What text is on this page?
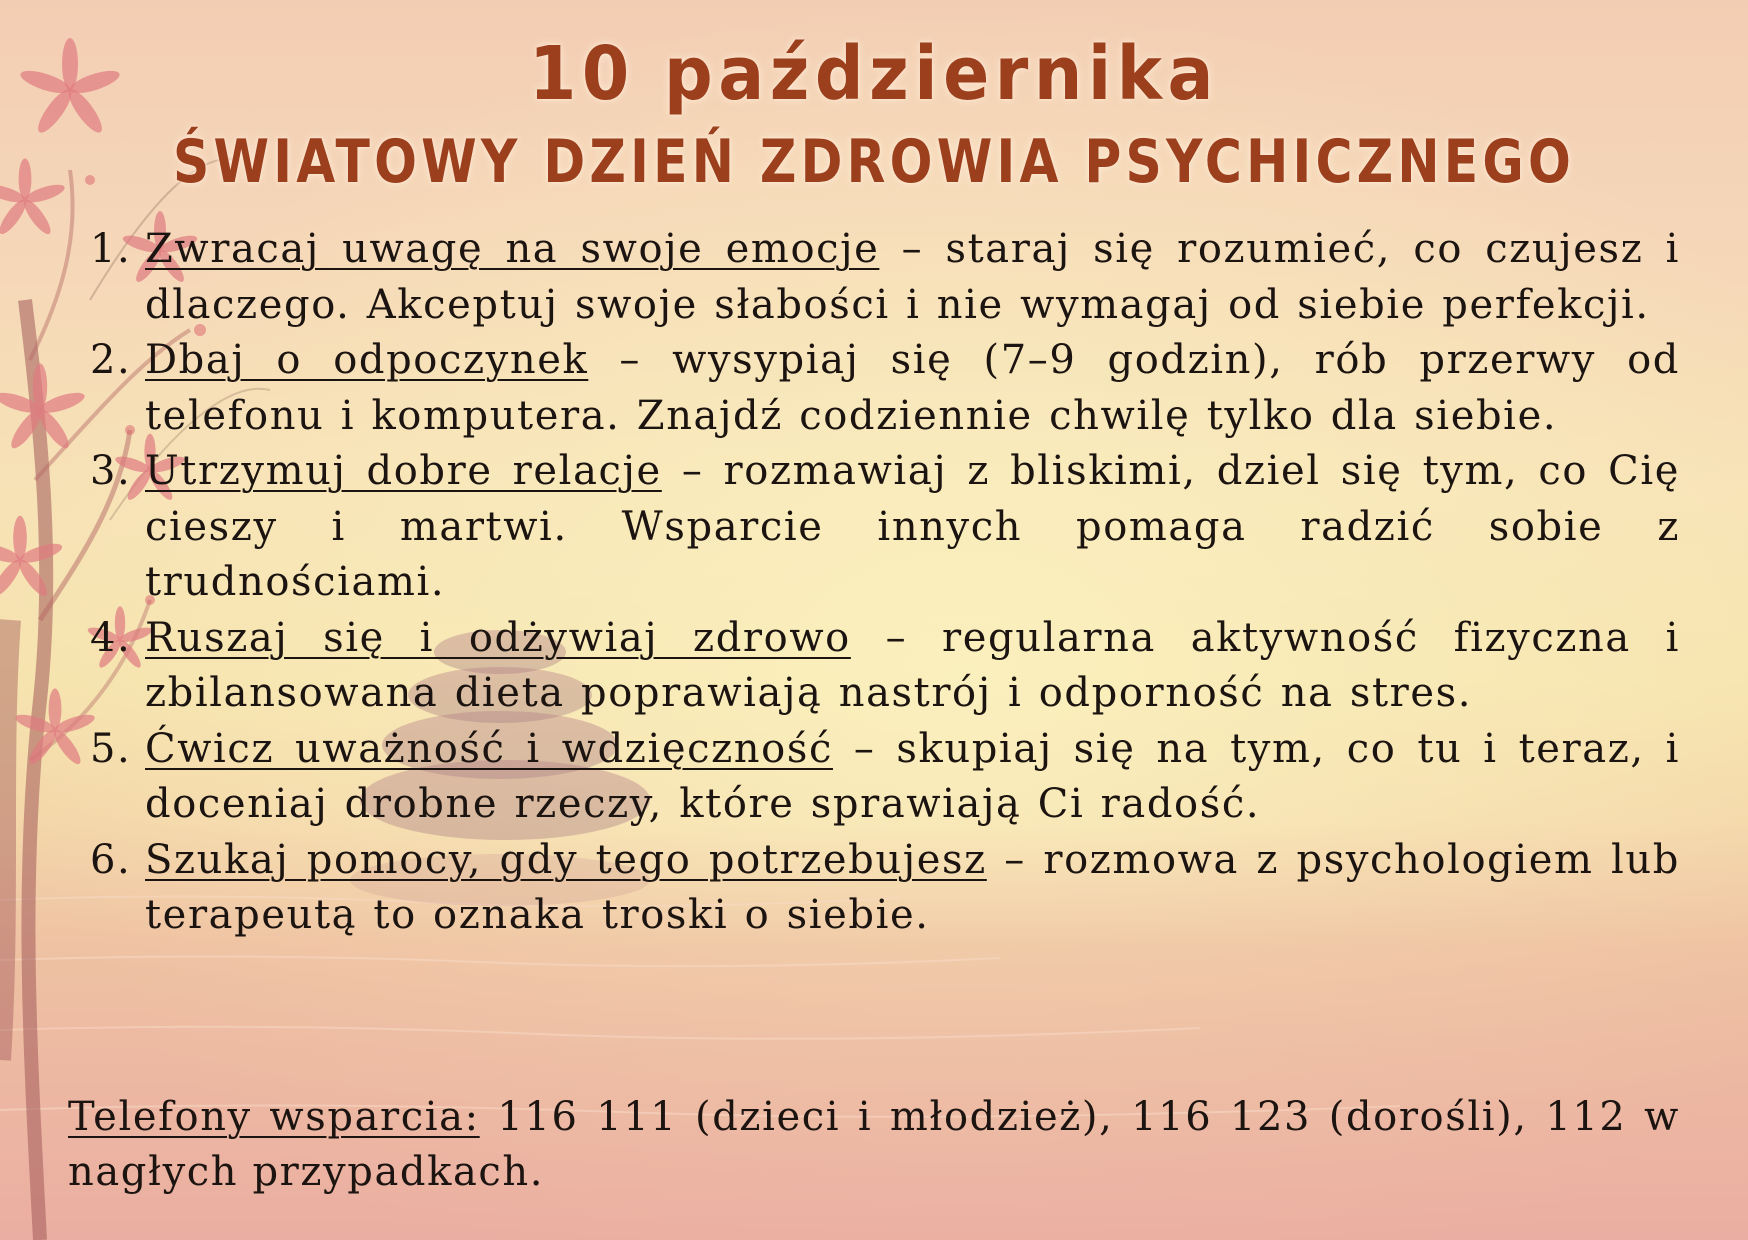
10 października
ŚWIATOWY DZIEŃ ZDROWIA PSYCHICZNEGO
1. Zwracaj uwagę na swoje emocje – staraj się rozumieć, co czujesz i dlaczego. Akceptuj swoje słabości i nie wymagaj od siebie perfekcji.
2. Dbaj o odpoczynek – wysypiaj się (7–9 godzin), rób przerwy od telefonu i komputera. Znajdź codziennie chwilę tylko dla siebie.
3. Utrzymuj dobre relacje – rozmawiaj z bliskimi, dziel się tym, co Cię cieszy i martwi. Wsparcie innych pomaga radzić sobie z trudnościami.
4. Ruszaj się i odżywiaj zdrowo – regularna aktywność fizyczna i zbilansowana dieta poprawiają nastrój i odporność na stres.
5. Ćwicz uważność i wdzięczność – skupiaj się na tym, co tu i teraz, i doceniaj drobne rzeczy, które sprawiają Ci radość.
6. Szukaj pomocy, gdy tego potrzebujesz – rozmowa z psychologiem lub terapeutą to oznaka troski o siebie.

Telefony wsparcia: 116 111 (dzieci i młodzież), 116 123 (dorośli), 112 w nagłych przypadkach.
